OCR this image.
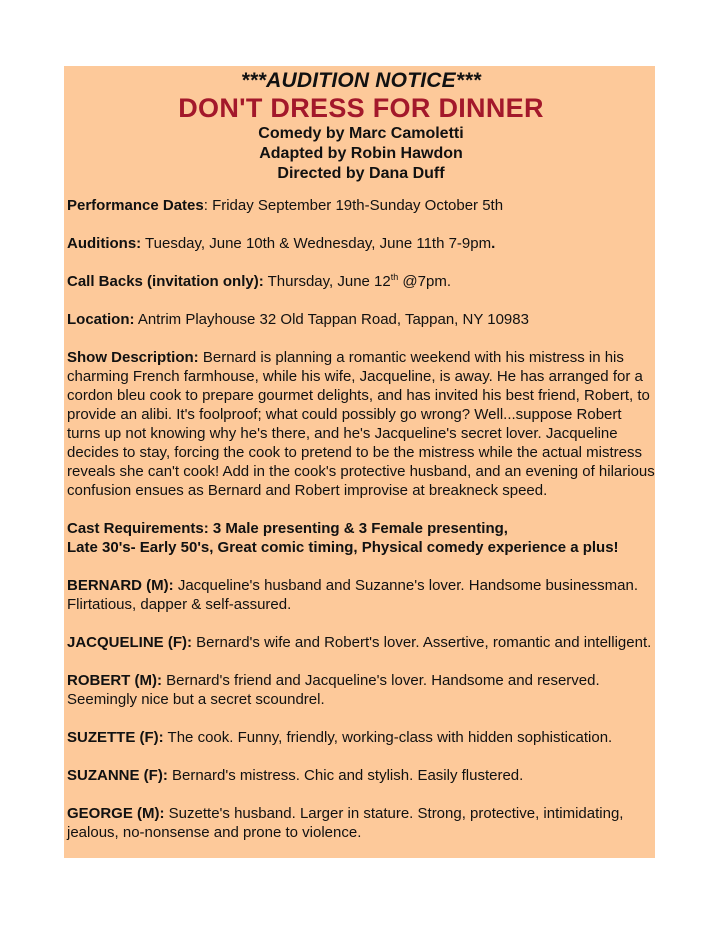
***AUDITION NOTICE***
DON'T DRESS FOR DINNER
Comedy by Marc Camoletti
Adapted by Robin Hawdon
Directed by Dana Duff

Performance Dates: Friday September 19th-Sunday October 5th

Auditions: Tuesday, June 10th & Wednesday, June 11th 7-9pm.

Call Backs (invitation only): Thursday, June 12th @7pm.

Location: Antrim Playhouse 32 Old Tappan Road, Tappan, NY 10983

Show Description: Bernard is planning a romantic weekend with his mistress in his charming French farmhouse, while his wife, Jacqueline, is away. He has arranged for a cordon bleu cook to prepare gourmet delights, and has invited his best friend, Robert, to provide an alibi. It's foolproof; what could possibly go wrong? Well...suppose Robert turns up not knowing why he's there, and he's Jacqueline's secret lover. Jacqueline decides to stay, forcing the cook to pretend to be the mistress while the actual mistress reveals she can't cook! Add in the cook's protective husband, and an evening of hilarious confusion ensues as Bernard and Robert improvise at breakneck speed.

Cast Requirements: 3 Male presenting & 3 Female presenting,
Late 30's- Early 50's, Great comic timing, Physical comedy experience a plus!

BERNARD (M): Jacqueline's husband and Suzanne's lover. Handsome businessman. Flirtatious, dapper & self-assured.

JACQUELINE (F): Bernard's wife and Robert's lover. Assertive, romantic and intelligent.

ROBERT (M): Bernard's friend and Jacqueline's lover. Handsome and reserved. Seemingly nice but a secret scoundrel.

SUZETTE (F): The cook. Funny, friendly, working-class with hidden sophistication.

SUZANNE (F): Bernard's mistress. Chic and stylish. Easily flustered.

GEORGE (M): Suzette's husband. Larger in stature. Strong, protective, intimidating, jealous, no-nonsense and prone to violence.
